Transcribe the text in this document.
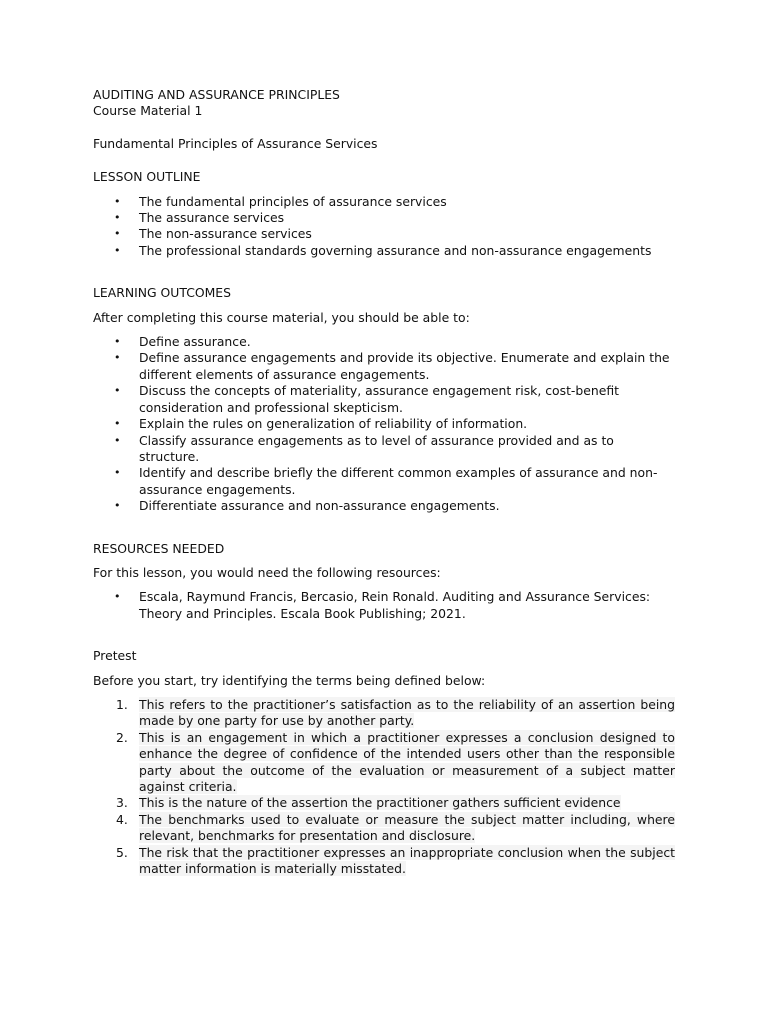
AUDITING AND ASSURANCE PRINCIPLES
Course Material 1
Fundamental Principles of Assurance Services
LESSON OUTLINE
• The fundamental principles of assurance services
• The assurance services
• The non-assurance services
• The professional standards governing assurance and non-assurance engagements
LEARNING OUTCOMES
After completing this course material, you should be able to:
• Define assurance.
• Define assurance engagements and provide its objective. Enumerate and explain the different elements of assurance engagements.
• Discuss the concepts of materiality, assurance engagement risk, cost-benefit consideration and professional skepticism.
• Explain the rules on generalization of reliability of information.
• Classify assurance engagements as to level of assurance provided and as to structure.
• Identify and describe briefly the different common examples of assurance and non-assurance engagements.
• Differentiate assurance and non-assurance engagements.
RESOURCES NEEDED
For this lesson, you would need the following resources:
• Escala, Raymund Francis, Bercasio, Rein Ronald. Auditing and Assurance Services: Theory and Principles. Escala Book Publishing; 2021.
Pretest
Before you start, try identifying the terms being defined below:
1. This refers to the practitioner’s satisfaction as to the reliability of an assertion being made by one party for use by another party.
2. This is an engagement in which a practitioner expresses a conclusion designed to enhance the degree of confidence of the intended users other than the responsible party about the outcome of the evaluation or measurement of a subject matter against criteria.
3. This is the nature of the assertion the practitioner gathers sufficient evidence
4. The benchmarks used to evaluate or measure the subject matter including, where relevant, benchmarks for presentation and disclosure.
5. The risk that the practitioner expresses an inappropriate conclusion when the subject matter information is materially misstated.
